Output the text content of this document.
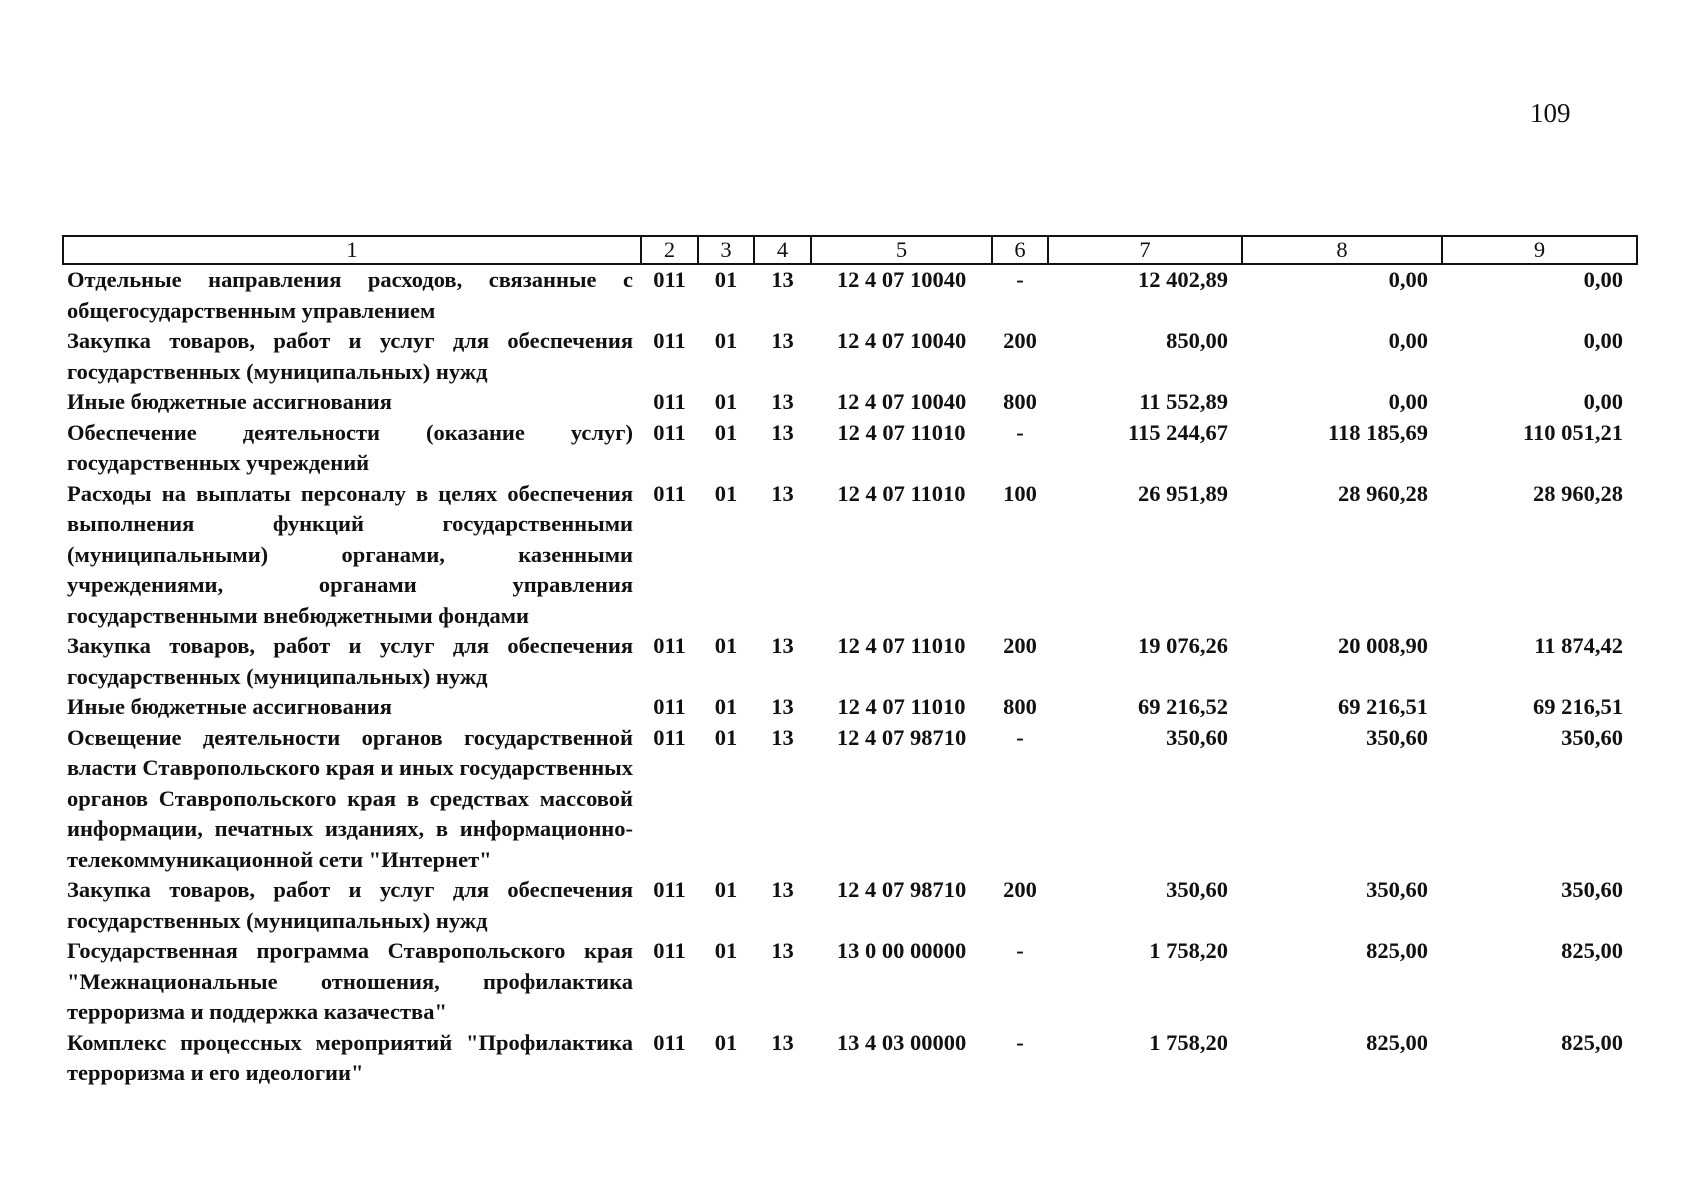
109
1	2	3	4	5	6	7	8	9
Отдельные направления расходов, связанные с общегосударственным управлением	011	01	13	12 4 07 10040	-	12 402,89	0,00	0,00
Закупка товаров, работ и услуг для обеспечения государственных (муниципальных) нужд	011	01	13	12 4 07 10040	200	850,00	0,00	0,00
Иные бюджетные ассигнования	011	01	13	12 4 07 10040	800	11 552,89	0,00	0,00
Обеспечение деятельности (оказание услуг) государственных учреждений	011	01	13	12 4 07 11010	-	115 244,67	118 185,69	110 051,21
Расходы на выплаты персоналу в целях обеспечения выполнения функций государственными (муниципальными) органами, казенными учреждениями, органами управления государственными внебюджетными фондами	011	01	13	12 4 07 11010	100	26 951,89	28 960,28	28 960,28
Закупка товаров, работ и услуг для обеспечения государственных (муниципальных) нужд	011	01	13	12 4 07 11010	200	19 076,26	20 008,90	11 874,42
Иные бюджетные ассигнования	011	01	13	12 4 07 11010	800	69 216,52	69 216,51	69 216,51
Освещение деятельности органов государственной власти Ставропольского края и иных государственных органов Ставропольского края в средствах массовой информации, печатных изданиях, в информационно-телекоммуникационной сети "Интернет"	011	01	13	12 4 07 98710	-	350,60	350,60	350,60
Закупка товаров, работ и услуг для обеспечения государственных (муниципальных) нужд	011	01	13	12 4 07 98710	200	350,60	350,60	350,60
Государственная программа Ставропольского края "Межнациональные отношения, профилактика терроризма и поддержка казачества"	011	01	13	13 0 00 00000	-	1 758,20	825,00	825,00
Комплекс процессных мероприятий "Профилактика терроризма и его идеологии"	011	01	13	13 4 03 00000	-	1 758,20	825,00	825,00
